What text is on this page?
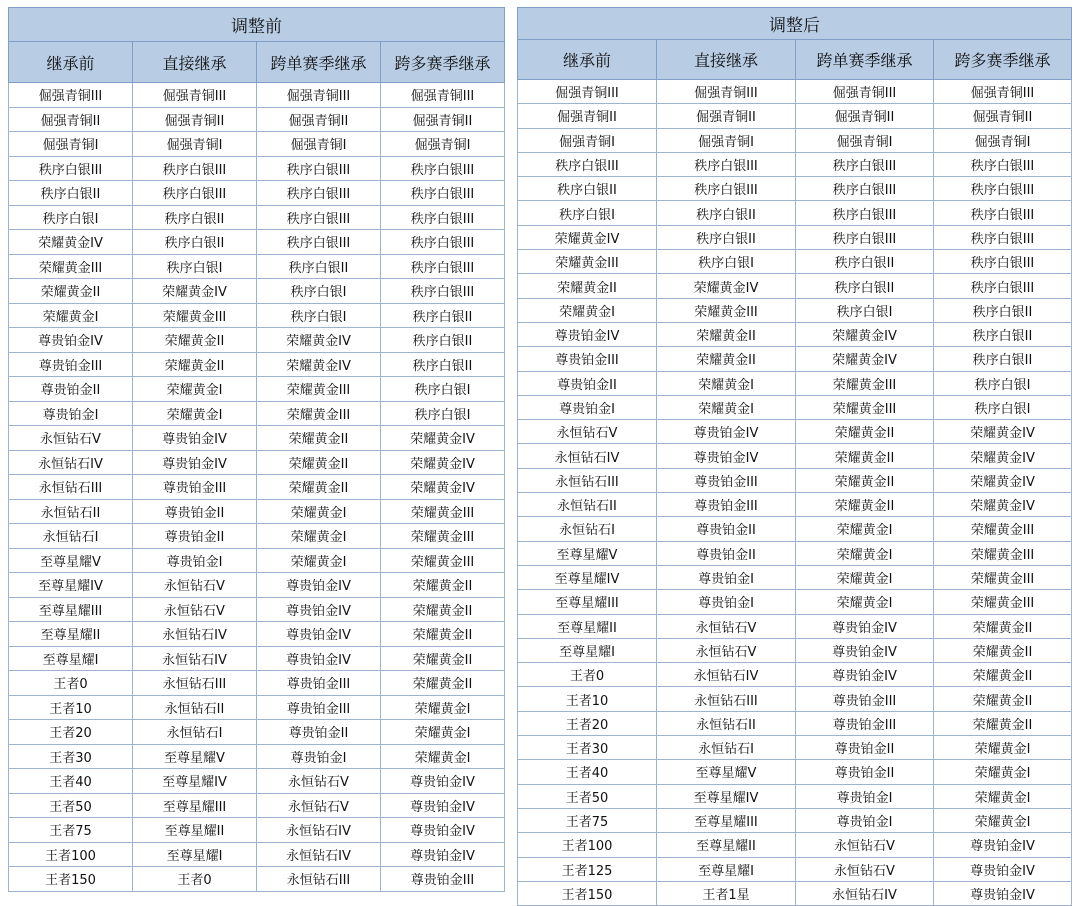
调整前			
继承前	直接继承	跨单赛季继承	跨多赛季继承
倔强青铜III	倔强青铜III	倔强青铜III	倔强青铜III
倔强青铜II	倔强青铜II	倔强青铜II	倔强青铜II
倔强青铜I	倔强青铜I	倔强青铜I	倔强青铜I
秩序白银III	秩序白银III	秩序白银III	秩序白银III
秩序白银II	秩序白银III	秩序白银III	秩序白银III
秩序白银I	秩序白银II	秩序白银III	秩序白银III
荣耀黄金IV	秩序白银II	秩序白银III	秩序白银III
荣耀黄金III	秩序白银I	秩序白银II	秩序白银III
荣耀黄金II	荣耀黄金IV	秩序白银I	秩序白银III
荣耀黄金I	荣耀黄金III	秩序白银I	秩序白银II
尊贵铂金IV	荣耀黄金II	荣耀黄金IV	秩序白银II
尊贵铂金III	荣耀黄金II	荣耀黄金IV	秩序白银II
尊贵铂金II	荣耀黄金I	荣耀黄金III	秩序白银I
尊贵铂金I	荣耀黄金I	荣耀黄金III	秩序白银I
永恒钻石V	尊贵铂金IV	荣耀黄金II	荣耀黄金IV
永恒钻石IV	尊贵铂金IV	荣耀黄金II	荣耀黄金IV
永恒钻石III	尊贵铂金III	荣耀黄金II	荣耀黄金IV
永恒钻石II	尊贵铂金II	荣耀黄金I	荣耀黄金III
永恒钻石I	尊贵铂金II	荣耀黄金I	荣耀黄金III
至尊星耀V	尊贵铂金I	荣耀黄金I	荣耀黄金III
至尊星耀IV	永恒钻石V	尊贵铂金IV	荣耀黄金II
至尊星耀III	永恒钻石V	尊贵铂金IV	荣耀黄金II
至尊星耀II	永恒钻石IV	尊贵铂金IV	荣耀黄金II
至尊星耀I	永恒钻石IV	尊贵铂金IV	荣耀黄金II
王者0	永恒钻石III	尊贵铂金III	荣耀黄金II
王者10	永恒钻石II	尊贵铂金III	荣耀黄金I
王者20	永恒钻石I	尊贵铂金II	荣耀黄金I
王者30	至尊星耀V	尊贵铂金I	荣耀黄金I
王者40	至尊星耀IV	永恒钻石V	尊贵铂金IV
王者50	至尊星耀III	永恒钻石V	尊贵铂金IV
王者75	至尊星耀II	永恒钻石IV	尊贵铂金IV
王者100	至尊星耀I	永恒钻石IV	尊贵铂金IV
王者150	王者0	永恒钻石III	尊贵铂金III
调整后			
继承前	直接继承	跨单赛季继承	跨多赛季继承
倔强青铜III	倔强青铜III	倔强青铜III	倔强青铜III
倔强青铜II	倔强青铜II	倔强青铜II	倔强青铜II
倔强青铜I	倔强青铜I	倔强青铜I	倔强青铜I
秩序白银III	秩序白银III	秩序白银III	秩序白银III
秩序白银II	秩序白银III	秩序白银III	秩序白银III
秩序白银I	秩序白银II	秩序白银III	秩序白银III
荣耀黄金IV	秩序白银II	秩序白银III	秩序白银III
荣耀黄金III	秩序白银I	秩序白银II	秩序白银III
荣耀黄金II	荣耀黄金IV	秩序白银II	秩序白银III
荣耀黄金I	荣耀黄金III	秩序白银I	秩序白银II
尊贵铂金IV	荣耀黄金II	荣耀黄金IV	秩序白银II
尊贵铂金III	荣耀黄金II	荣耀黄金IV	秩序白银II
尊贵铂金II	荣耀黄金I	荣耀黄金III	秩序白银I
尊贵铂金I	荣耀黄金I	荣耀黄金III	秩序白银I
永恒钻石V	尊贵铂金IV	荣耀黄金II	荣耀黄金IV
永恒钻石IV	尊贵铂金IV	荣耀黄金II	荣耀黄金IV
永恒钻石III	尊贵铂金III	荣耀黄金II	荣耀黄金IV
永恒钻石II	尊贵铂金III	荣耀黄金II	荣耀黄金IV
永恒钻石I	尊贵铂金II	荣耀黄金I	荣耀黄金III
至尊星耀V	尊贵铂金II	荣耀黄金I	荣耀黄金III
至尊星耀IV	尊贵铂金I	荣耀黄金I	荣耀黄金III
至尊星耀III	尊贵铂金I	荣耀黄金I	荣耀黄金III
至尊星耀II	永恒钻石V	尊贵铂金IV	荣耀黄金II
至尊星耀I	永恒钻石V	尊贵铂金IV	荣耀黄金II
王者0	永恒钻石IV	尊贵铂金IV	荣耀黄金II
王者10	永恒钻石III	尊贵铂金III	荣耀黄金II
王者20	永恒钻石II	尊贵铂金III	荣耀黄金II
王者30	永恒钻石I	尊贵铂金II	荣耀黄金I
王者40	至尊星耀V	尊贵铂金II	荣耀黄金I
王者50	至尊星耀IV	尊贵铂金I	荣耀黄金I
王者75	至尊星耀III	尊贵铂金I	荣耀黄金I
王者100	至尊星耀II	永恒钻石V	尊贵铂金IV
王者125	至尊星耀I	永恒钻石V	尊贵铂金IV
王者150	王者1星	永恒钻石IV	尊贵铂金IV
